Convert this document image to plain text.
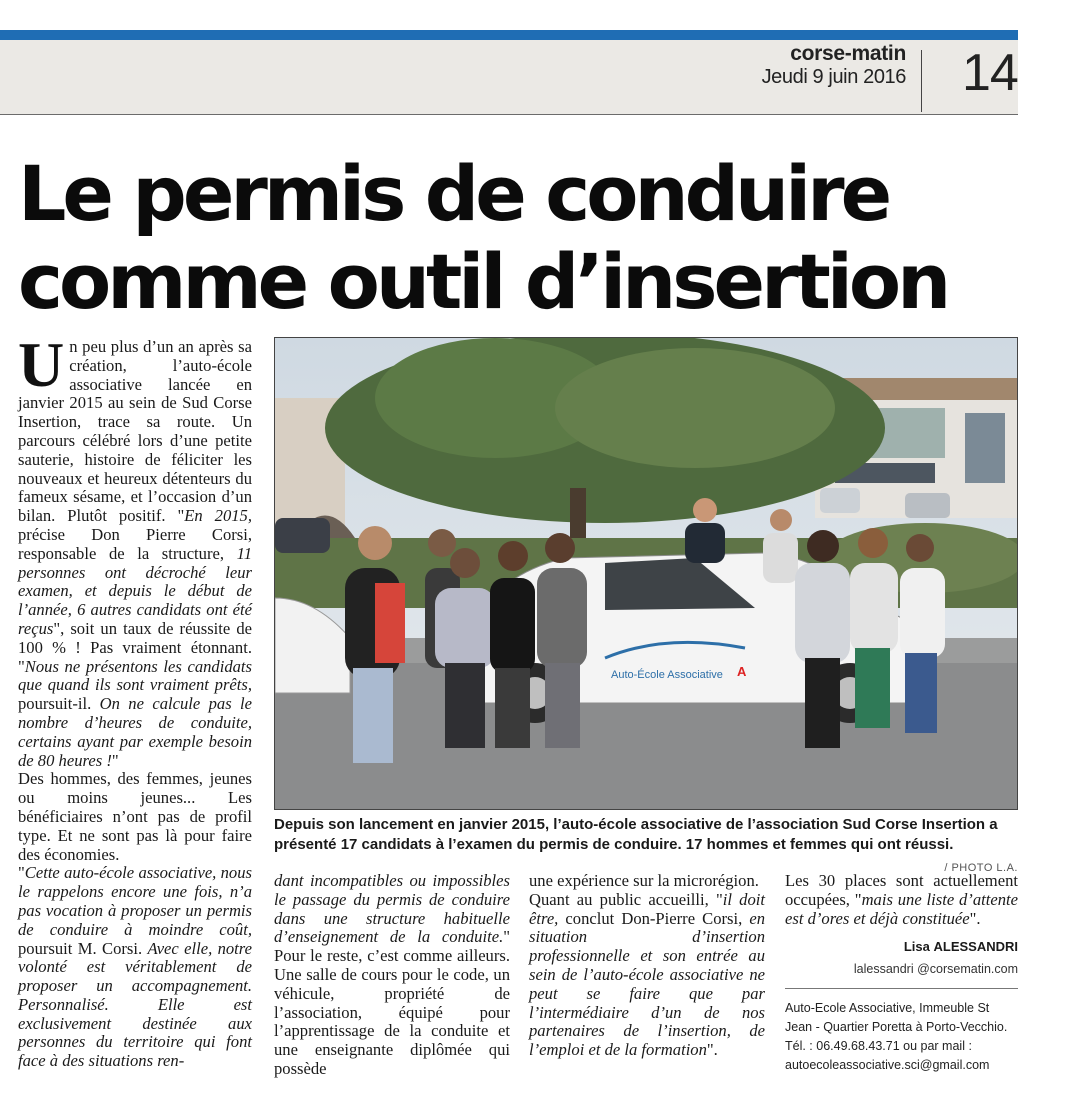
corse-matin
Jeudi 9 juin 2016 14
Le permis de conduire
comme outil d’insertion

Un peu plus d’un an après sa création, l’auto-école associative lancée en janvier 2015 au sein de Sud Corse Insertion, trace sa route. Un parcours célébré lors d’une petite sauterie, histoire de féliciter les nouveaux et heureux détenteurs du fameux sésame, et l’occasion d’un bilan. Plutôt positif. "En 2015, précise Don Pierre Corsi, responsable de la structure, 11 personnes ont décroché leur examen, et depuis le début de l’année, 6 autres candidats ont été reçus", soit un taux de réussite de 100 % ! Pas vraiment étonnant. "Nous ne présentons les candidats que quand ils sont vraiment prêts, poursuit-il. On ne calcule pas le nombre d’heures de conduite, certains ayant par exemple besoin de 80 heures !"

Des hommes, des femmes, jeunes ou moins jeunes... Les bénéficiaires n’ont pas de profil type. Et ne sont pas là pour faire des économies.

"Cette auto-école associative, nous le rappelons encore une fois, n’a pas vocation à proposer un permis de conduire à moindre coût, poursuit M. Corsi. Avec elle, notre volonté est véritablement de proposer un accompagnement. Personnalisé. Elle est exclusivement destinée aux personnes du territoire qui font face à des situations ren-

Auto-École Associative A
Depuis son lancement en janvier 2015, l’auto-école associative de l’association Sud Corse Insertion a présenté 17 candidats à l’examen du permis de conduire. 17 hommes et femmes qui ont réussi.
/ PHOTO L.A.

dant incompatibles ou impossibles le passage du permis de conduire dans une structure habituelle d’enseignement de la conduite." Pour le reste, c’est comme ailleurs. Une salle de cours pour le code, un véhicule, propriété de l’association, équipé pour l’apprentissage de la conduite et une enseignante diplômée qui possède

une expérience sur la microrégion.

Quant au public accueilli, "il doit être, conclut Don-Pierre Corsi, en situation d’insertion professionnelle et son entrée au sein de l’auto-école associative ne peut se faire que par l’intermédiaire d’un de nos partenaires de l’insertion, de l’emploi et de la formation".

Les 30 places sont actuellement occupées, "mais une liste d’attente est d’ores et déjà constituée".

Lisa ALESSANDRI
lalessandri @corsematin.com
Auto-Ecole Associative, Immeuble St Jean - Quartier Poretta à Porto-Vecchio. Tél. : 06.49.68.43.71 ou par mail : autoecoleassociative.sci@gmail.com
